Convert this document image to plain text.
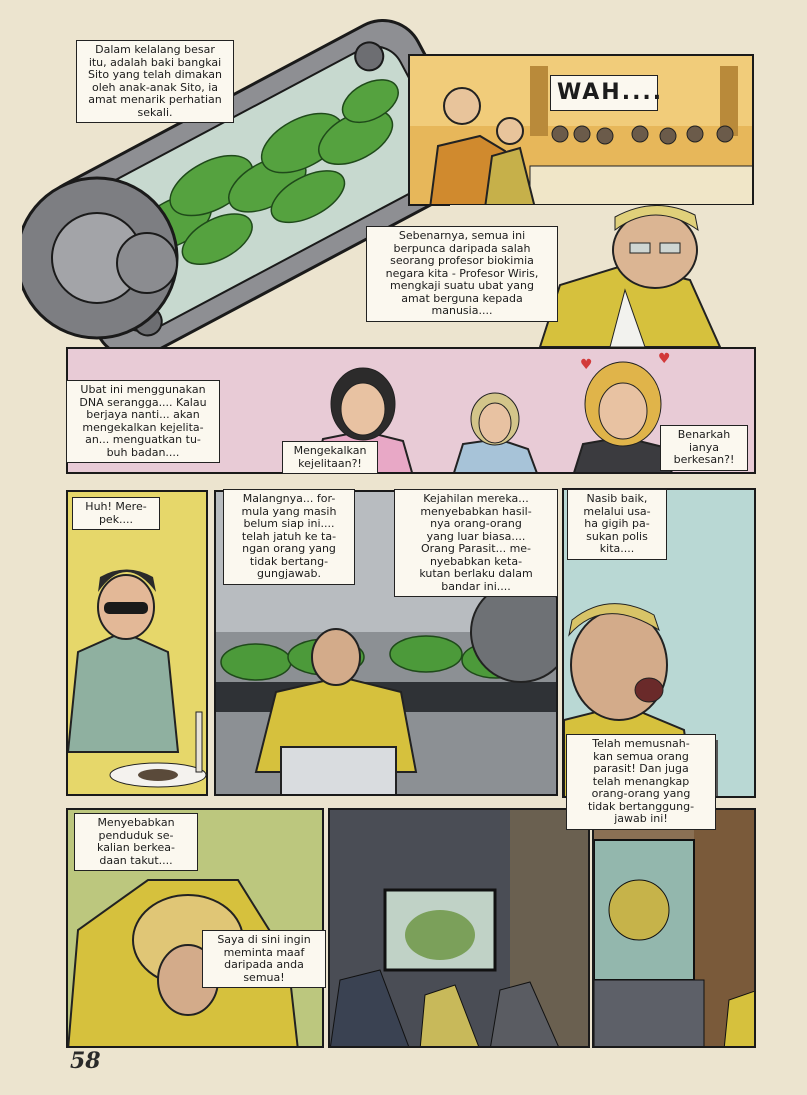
Dalam kelalang besar
itu, adalah baki bangkai
Sito yang telah dimakan
oleh anak-anak Sito, ia
amat menarik perhatian
sekali.
WAH....
Sebenarnya, semua ini
berpunca daripada salah
seorang profesor biokimia
negara kita - Profesor Wiris,
mengkaji suatu ubat yang
amat berguna kepada
manusia....
♥	♥
Ubat ini menggunakan
DNA serangga.... Kalau
berjaya nanti... akan
mengekalkan kejelita-
an... menguatkan tu-
buh badan....	Mengekalkan
kejelitaan?!
Benarkah
ianya
berkesan?!
Huh! Mere-
pek....
Malangnya... for-
mula yang masih
belum siap ini....
telah jatuh ke ta-
ngan orang yang
tidak bertang-
gungjawab.
Kejahilan mereka...
menyebabkan hasil-
nya orang-orang
yang luar biasa....
Orang Parasit... me-
nyebabkan keta-
kutan berlaku dalam
bandar ini....
Nasib baik,
melalui usa-
ha gigih pa-
sukan polis
kita....
Telah memusnah-
kan semua orang
parasit! Dan juga
telah menangkap
orang-orang yang
tidak bertanggung-
jawab ini!
Menyebabkan
penduduk se-
kalian berkea-
daan takut....
Saya di sini ingin
meminta maaf
daripada anda
semua!
58
